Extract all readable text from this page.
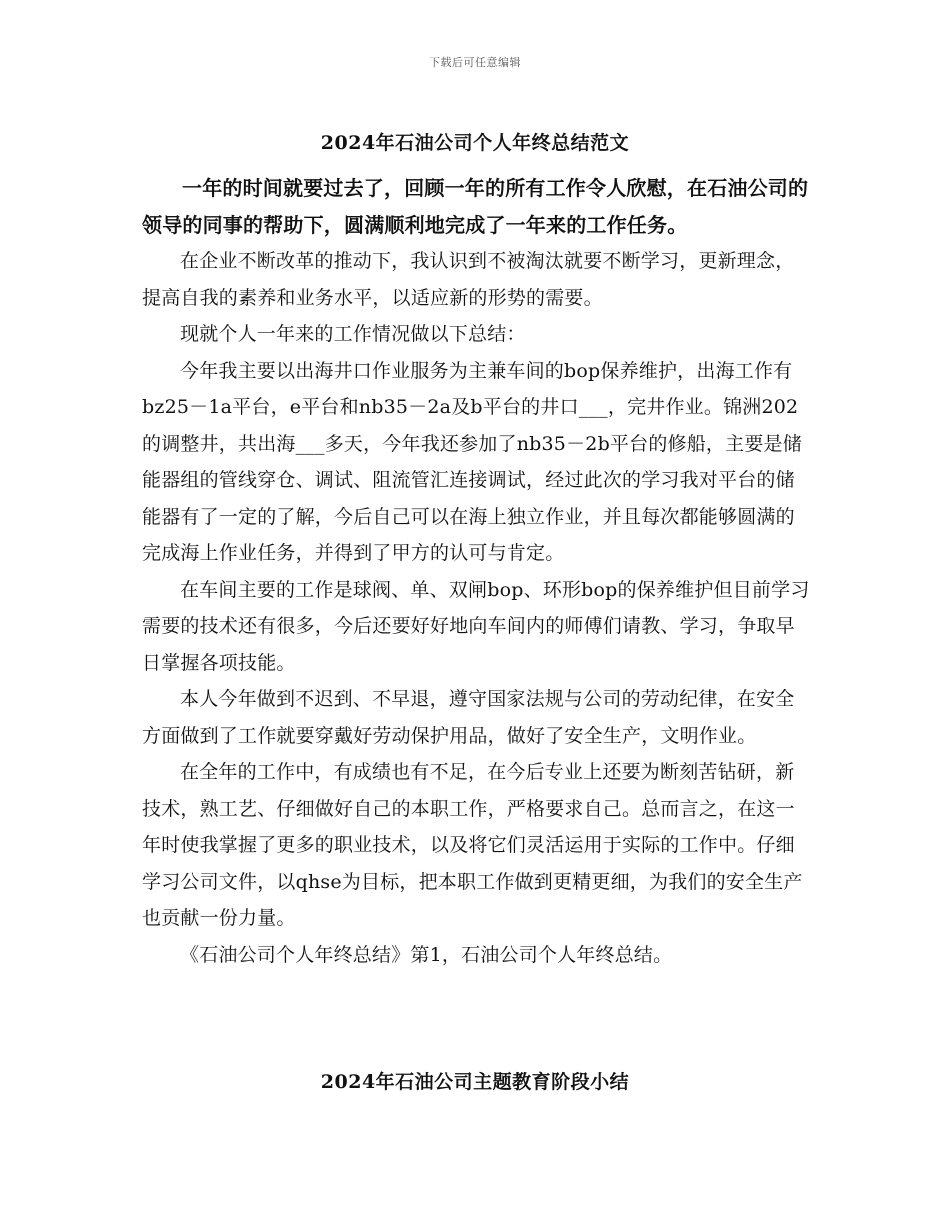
下载后可任意编辑
2024年石油公司个人年终总结范文

一年的时间就要过去了，回顾一年的所有工作令人欣慰，在石油公司的领导的同事的帮助下，圆满顺利地完成了一年来的工作任务。

在企业不断改革的推动下，我认识到不被淘汰就要不断学习，更新理念，提高自我的素养和业务水平，以适应新的形势的需要。

现就个人一年来的工作情况做以下总结：

今年我主要以出海井口作业服务为主兼车间的bop保养维护，出海工作有bz25－1a平台，e平台和nb35－2a及b平台的井口___，完井作业。锦洲202的调整井，共出海___多天，今年我还参加了nb35－2b平台的修船，主要是储能器组的管线穿仓、调试、阻流管汇连接调试，经过此次的学习我对平台的储能器有了一定的了解，今后自己可以在海上独立作业，并且每次都能够圆满的完成海上作业任务，并得到了甲方的认可与肯定。

在车间主要的工作是球阀、单、双闸bop、环形bop的保养维护但目前学习需要的技术还有很多，今后还要好好地向车间内的师傅们请教、学习，争取早日掌握各项技能。

本人今年做到不迟到、不早退，遵守国家法规与公司的劳动纪律，在安全方面做到了工作就要穿戴好劳动保护用品，做好了安全生产，文明作业。

在全年的工作中，有成绩也有不足，在今后专业上还要为断刻苦钻研，新技术，熟工艺、仔细做好自己的本职工作，严格要求自己。总而言之，在这一年时使我掌握了更多的职业技术，以及将它们灵活运用于实际的工作中。仔细学习公司文件，以qhse为目标，把本职工作做到更精更细，为我们的安全生产也贡献一份力量。

《石油公司个人年终总结》第1，石油公司个人年终总结。

2024年石油公司主题教育阶段小结
